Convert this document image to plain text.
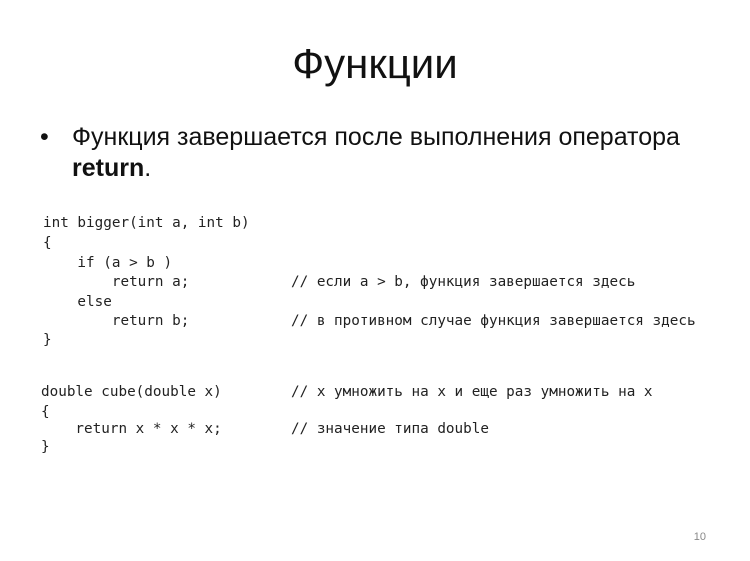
Функции
• Функция завершается после выполнения оператора return.

int bigger(int a, int b)

{

if (a > b )

return a;

else

return b;

}

// если a > b, функция завершается здесь

// в противном случае функция завершается здесь

double cube(double x)

{

return x * x * x;

}

// x умножить на x и еще раз умножить на x

// значение типа double

10
